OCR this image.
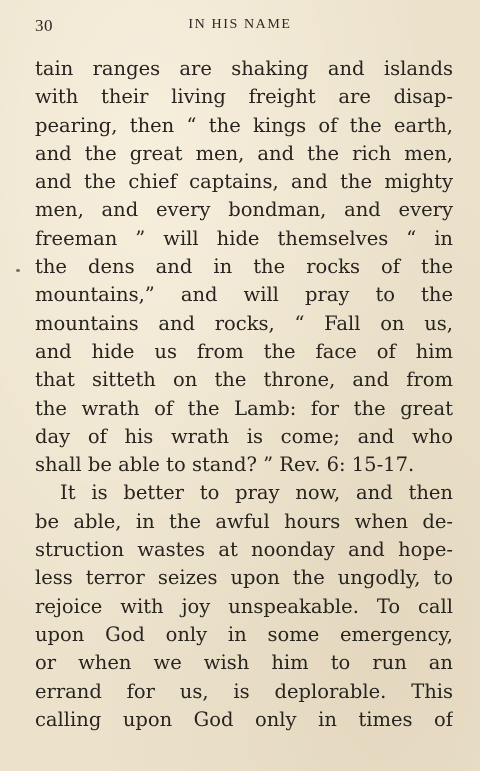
30	IN HIS NAME
tain ranges are shaking and islands
with their living freight are disap-
pearing, then “ the kings of the earth,
and the great men, and the rich men,
and the chief captains, and the mighty
men, and every bondman, and every
freeman ” will hide themselves “ in
the dens and in the rocks of the
mountains,” and will pray to the
mountains and rocks, “ Fall on us,
and hide us from the face of him
that sitteth on the throne, and from
the wrath of the Lamb: for the great
day of his wrath is come; and who
shall be able to stand? ” Rev. 6: 15-17.
It is better to pray now, and then
be able, in the awful hours when de-
struction wastes at noonday and hope-
less terror seizes upon the ungodly, to
rejoice with joy unspeakable. To call
upon God only in some emergency,
or when we wish him to run an
errand for us, is deplorable. This
calling upon God only in times of
